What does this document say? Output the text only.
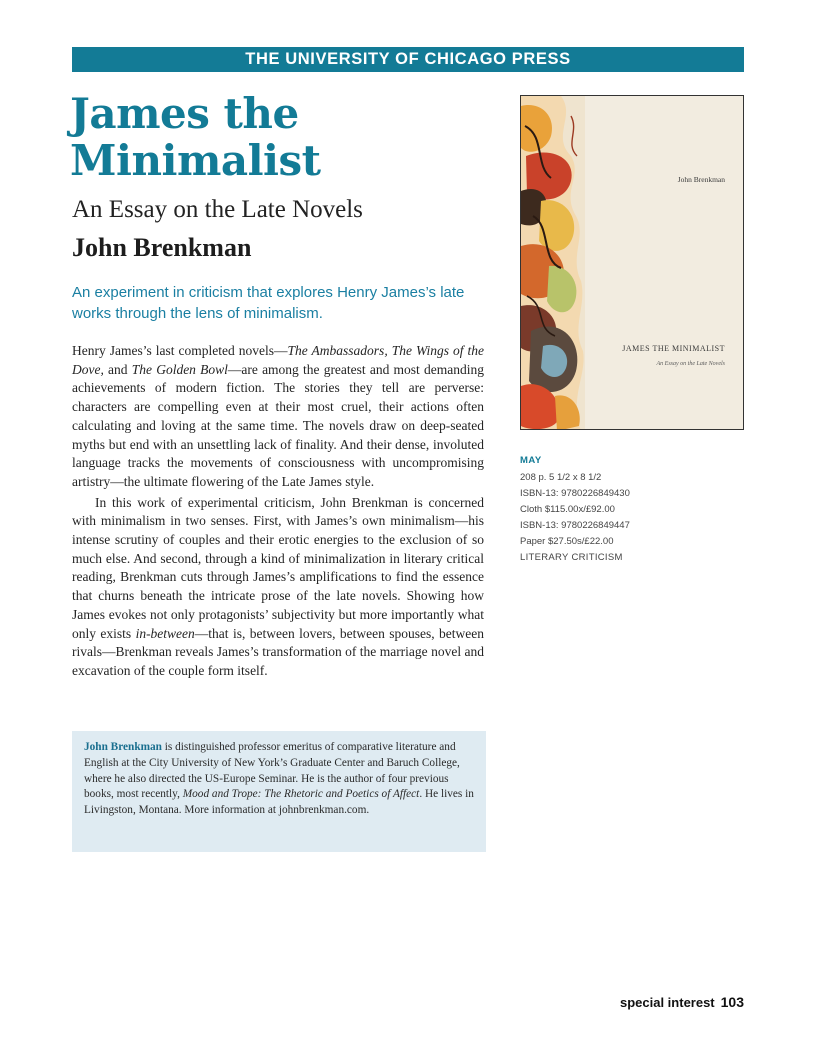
THE UNIVERSITY OF CHICAGO PRESS
James the
Minimalist
An Essay on the Late Novels
John Brenkman
An experiment in criticism that explores Henry James’s late works through the lens of minimalism.

Henry James’s last completed novels—The Ambassadors, The Wings of the Dove, and The Golden Bowl—are among the greatest and most demanding achievements of modern fiction. The stories they tell are perverse: characters are compelling even at their most cruel, their actions often calculating and loving at the same time. The novels draw on deep-seated myths but end with an unsettling lack of finality. And their dense, involuted language tracks the movements of consciousness with uncompromising artistry—the ultimate flowering of the Late James style.

In this work of experimental criticism, John Brenkman is concerned with minimalism in two senses. First, with James’s own minimalism—his intense scrutiny of couples and their erotic energies to the exclusion of so much else. And second, through a kind of minimalization in literary critical reading, Brenkman cuts through James’s amplifications to find the essence that churns beneath the intricate prose of the late novels. Showing how James evokes not only protagonists’ subjectivity but more importantly what only exists in-between—that is, between lovers, between spouses, between rivals—Brenkman reveals James’s transformation of the marriage novel and excavation of the couple form itself.

John Brenkman is distinguished professor emeritus of comparative literature and English at the City University of New York’s Graduate Center and Baruch College, where he also directed the US-Europe Seminar. He is the author of four previous books, most recently, Mood and Trope: The Rhetoric and Poetics of Affect. He lives in Livingston, Montana. More information at johnbrenkman.com.
John Brenkman
JAMES THE MINIMALIST
An Essay on the Late Novels
MAY
208 p. 5 1/2 x 8 1/2
ISBN-13: 9780226849430
Cloth $115.00x/£92.00
ISBN-13: 9780226849447
Paper $27.50s/£22.00
LITERARY CRITICISM
special interest 103
